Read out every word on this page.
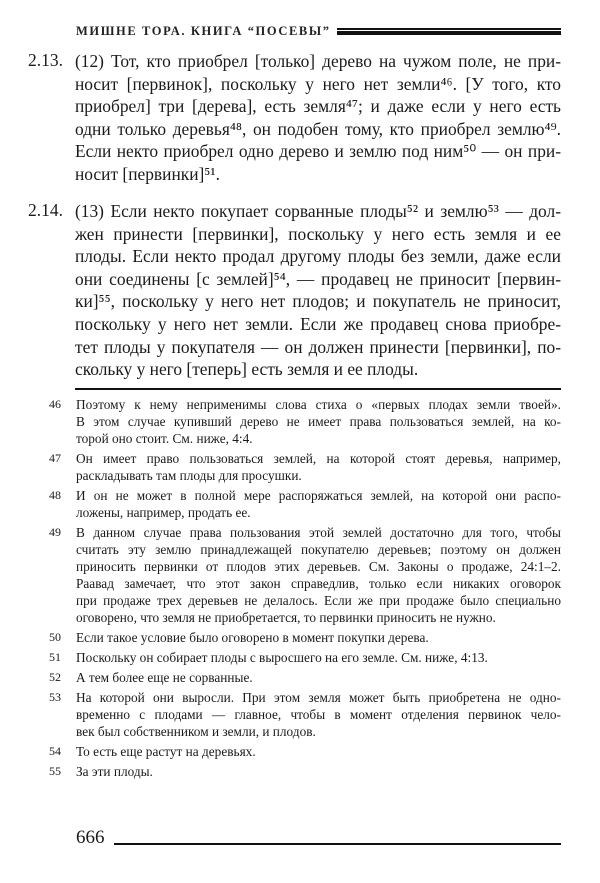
МИШНЕ ТОРА. КНИГА “ПОСЕВЫ”
2.13. (12) Тот, кто приобрел [только] дерево на чужом поле, не при-
носит [первинок], поскольку у него нет земли⁴⁶. [У того, кто
приобрел] три [дерева], есть земля⁴⁷; и даже если у него есть
одни только деревья⁴⁸, он подобен тому, кто приобрел землю⁴⁹.
Если некто приобрел одно дерево и землю под ним⁵⁰ — он при-
носит [первинки]⁵¹.
2.14. (13) Если некто покупает сорванные плоды⁵² и землю⁵³ — дол-
жен принести [первинки], поскольку у него есть земля и ее
плоды. Если некто продал другому плоды без земли, даже если
они соединены [с землей]⁵⁴, — продавец не приносит [первин-
ки]⁵⁵, поскольку у него нет плодов; и покупатель не приносит,
поскольку у него нет земли. Если же продавец снова приобре-
тет плоды у покупателя — он должен принести [первинки], по-
скольку у него [теперь] есть земля и ее плоды.
46 Поэтому к нему неприменимы слова стиха о «первых плодах земли твоей».
В этом случае купивший дерево не имеет права пользоваться землей, на ко-
торой оно стоит. См. ниже, 4:4.
47 Он имеет право пользоваться землей, на которой стоят деревья, например,
раскладывать там плоды для просушки.
48 И он не может в полной мере распоряжаться землей, на которой они распо-
ложены, например, продать ее.
49 В данном случае права пользования этой землей достаточно для того, чтобы
считать эту землю принадлежащей покупателю деревьев; поэтому он должен
приносить первинки от плодов этих деревьев. См. Законы о продаже, 24:1–2.
Раавад замечает, что этот закон справедлив, только если никаких оговорок
при продаже трех деревьев не делалось. Если же при продаже было специально
оговорено, что земля не приобретается, то первинки приносить не нужно.
50 Если такое условие было оговорено в момент покупки дерева.
51 Поскольку он собирает плоды с выросшего на его земле. См. ниже, 4:13.
52 А тем более еще не сорванные.
53 На которой они выросли. При этом земля может быть приобретена не одно-
временно с плодами — главное, чтобы в момент отделения первинок чело-
век был собственником и земли, и плодов.
54 То есть еще растут на деревьях.
55 За эти плоды.
666
